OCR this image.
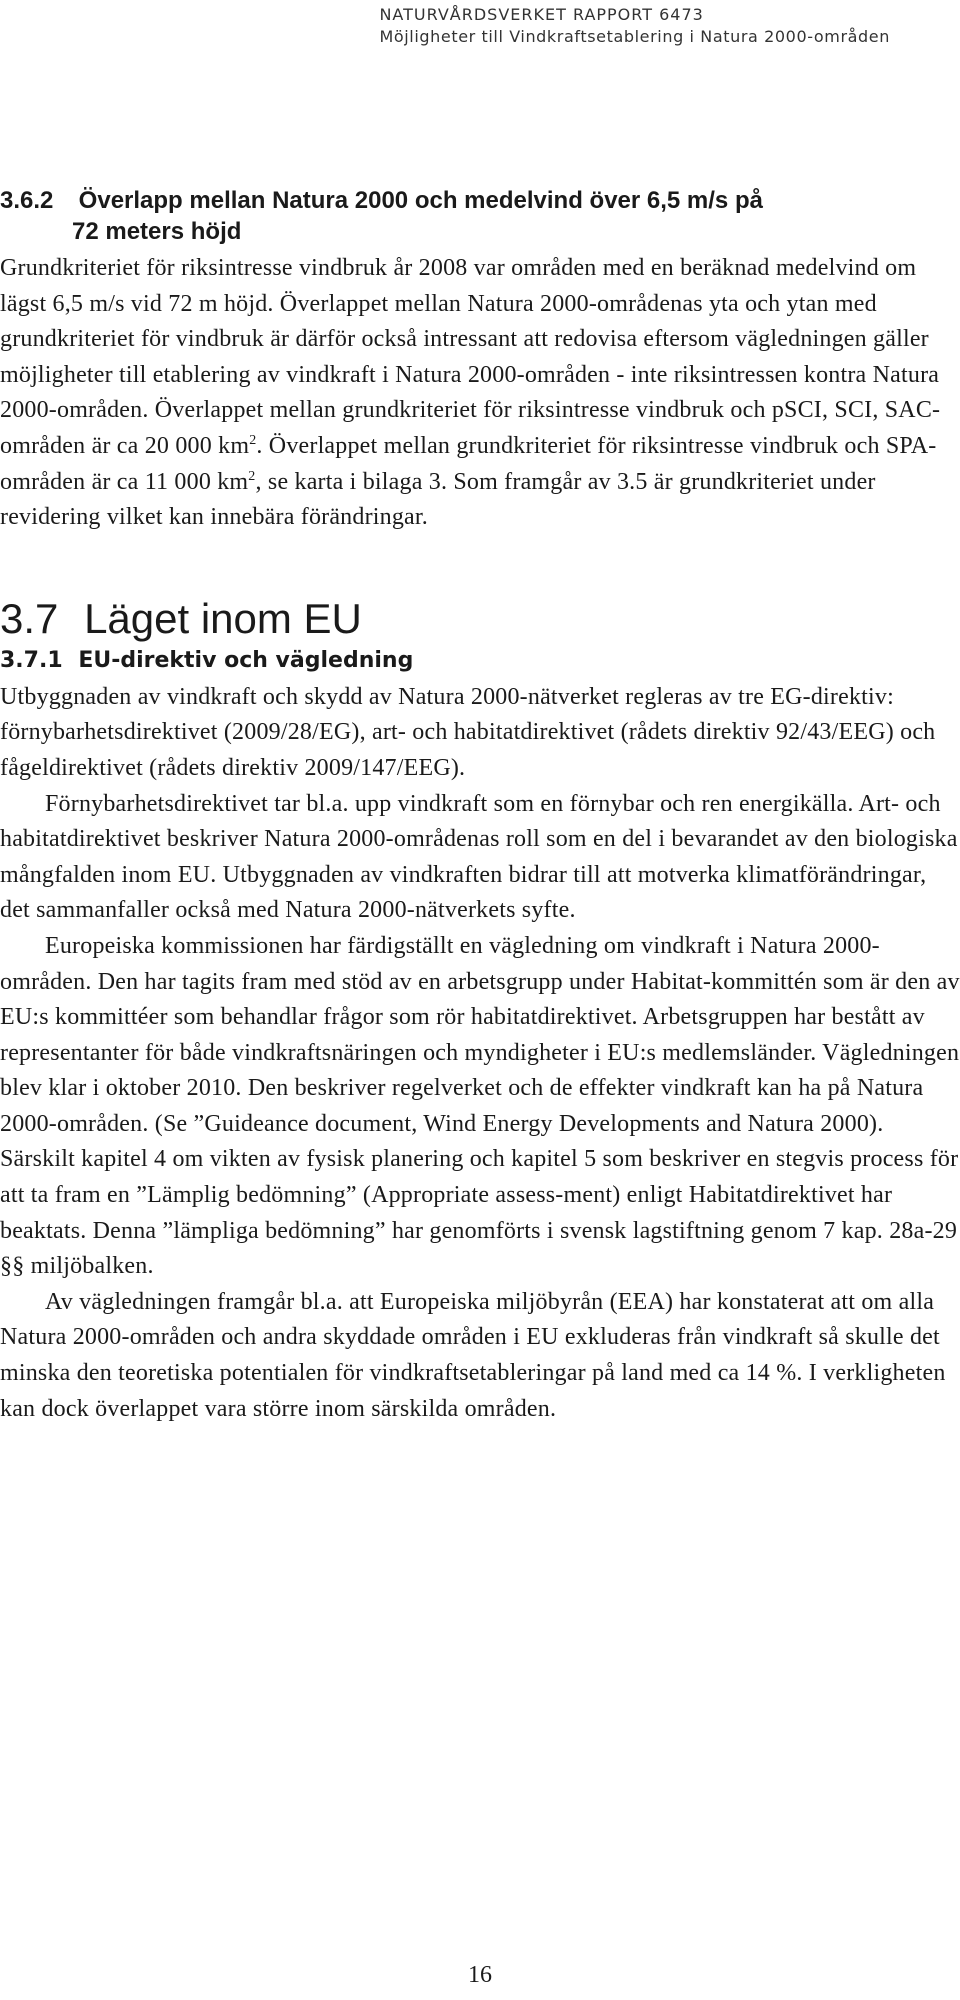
NATURVÅRDSVERKET RAPPORT 6473
Möjligheter till Vindkraftsetablering i Natura 2000-områden
3.6.2 Överlapp mellan Natura 2000 och medelvind över 6,5 m/s på
72 meters höjd

Grundkriteriet för riksintresse vindbruk år 2008 var områden med en beräknad medelvind om lägst 6,5 m/s vid 72 m höjd. Överlappet mellan Natura 2000-områdenas yta och ytan med grundkriteriet för vindbruk är därför också intressant att redovisa eftersom vägledningen gäller möjligheter till etablering av vindkraft i Natura 2000-områden - inte riksintressen kontra Natura 2000-områden. Överlappet mellan grundkriteriet för riksintresse vindbruk och pSCI, SCI, SAC-områden är ca 20 000 $km^2$. Överlappet mellan grundkriteriet för riksintresse vindbruk och SPA- områden är ca 11 000 $km^2$, se karta i bilaga 3. Som framgår av 3.5 är grundkriteriet under revidering vilket kan innebära förändringar.

3.7 Läget inom EU
3.7.1 EU-direktiv och vägledning

Utbyggnaden av vindkraft och skydd av Natura 2000-nätverket regleras av tre EG-direktiv: förnybarhetsdirektivet (2009/28/EG), art- och habitatdirektivet (rådets direktiv 92/43/EEG) och fågeldirektivet (rådets direktiv 2009/147/EEG).

Förnybarhetsdirektivet tar bl.a. upp vindkraft som en förnybar och ren energikälla. Art- och habitatdirektivet beskriver Natura 2000-områdenas roll som en del i bevarandet av den biologiska mångfalden inom EU. Utbyggnaden av vindkraften bidrar till att motverka klimatförändringar, det sammanfaller också med Natura 2000-nätverkets syfte.

Europeiska kommissionen har färdigställt en vägledning om vindkraft i Natura 2000-områden. Den har tagits fram med stöd av en arbetsgrupp under Habitat-kommittén som är den av EU:s kommittéer som behandlar frågor som rör habitatdirektivet. Arbetsgruppen har bestått av representanter för både vindkraftsnäringen och myndigheter i EU:s medlemsländer. Vägledningen blev klar i oktober 2010. Den beskriver regelverket och de effekter vindkraft kan ha på Natura 2000-områden. (Se ”Guideance document, Wind Energy Developments and Natura 2000). Särskilt kapitel 4 om vikten av fysisk planering och kapitel 5 som beskriver en stegvis process för att ta fram en ”Lämplig bedömning” (Appropriate assess-ment) enligt Habitatdirektivet har beaktats. Denna ”lämpliga bedömning” har genomförts i svensk lagstiftning genom 7 kap. 28a-29 §§ miljöbalken.

Av vägledningen framgår bl.a. att Europeiska miljöbyrån (EEA) har konstaterat att om alla Natura 2000-områden och andra skyddade områden i EU exkluderas från vindkraft så skulle det minska den teoretiska potentialen för vindkraftsetableringar på land med ca 14 %. I verkligheten kan dock överlappet vara större inom särskilda områden.

16
